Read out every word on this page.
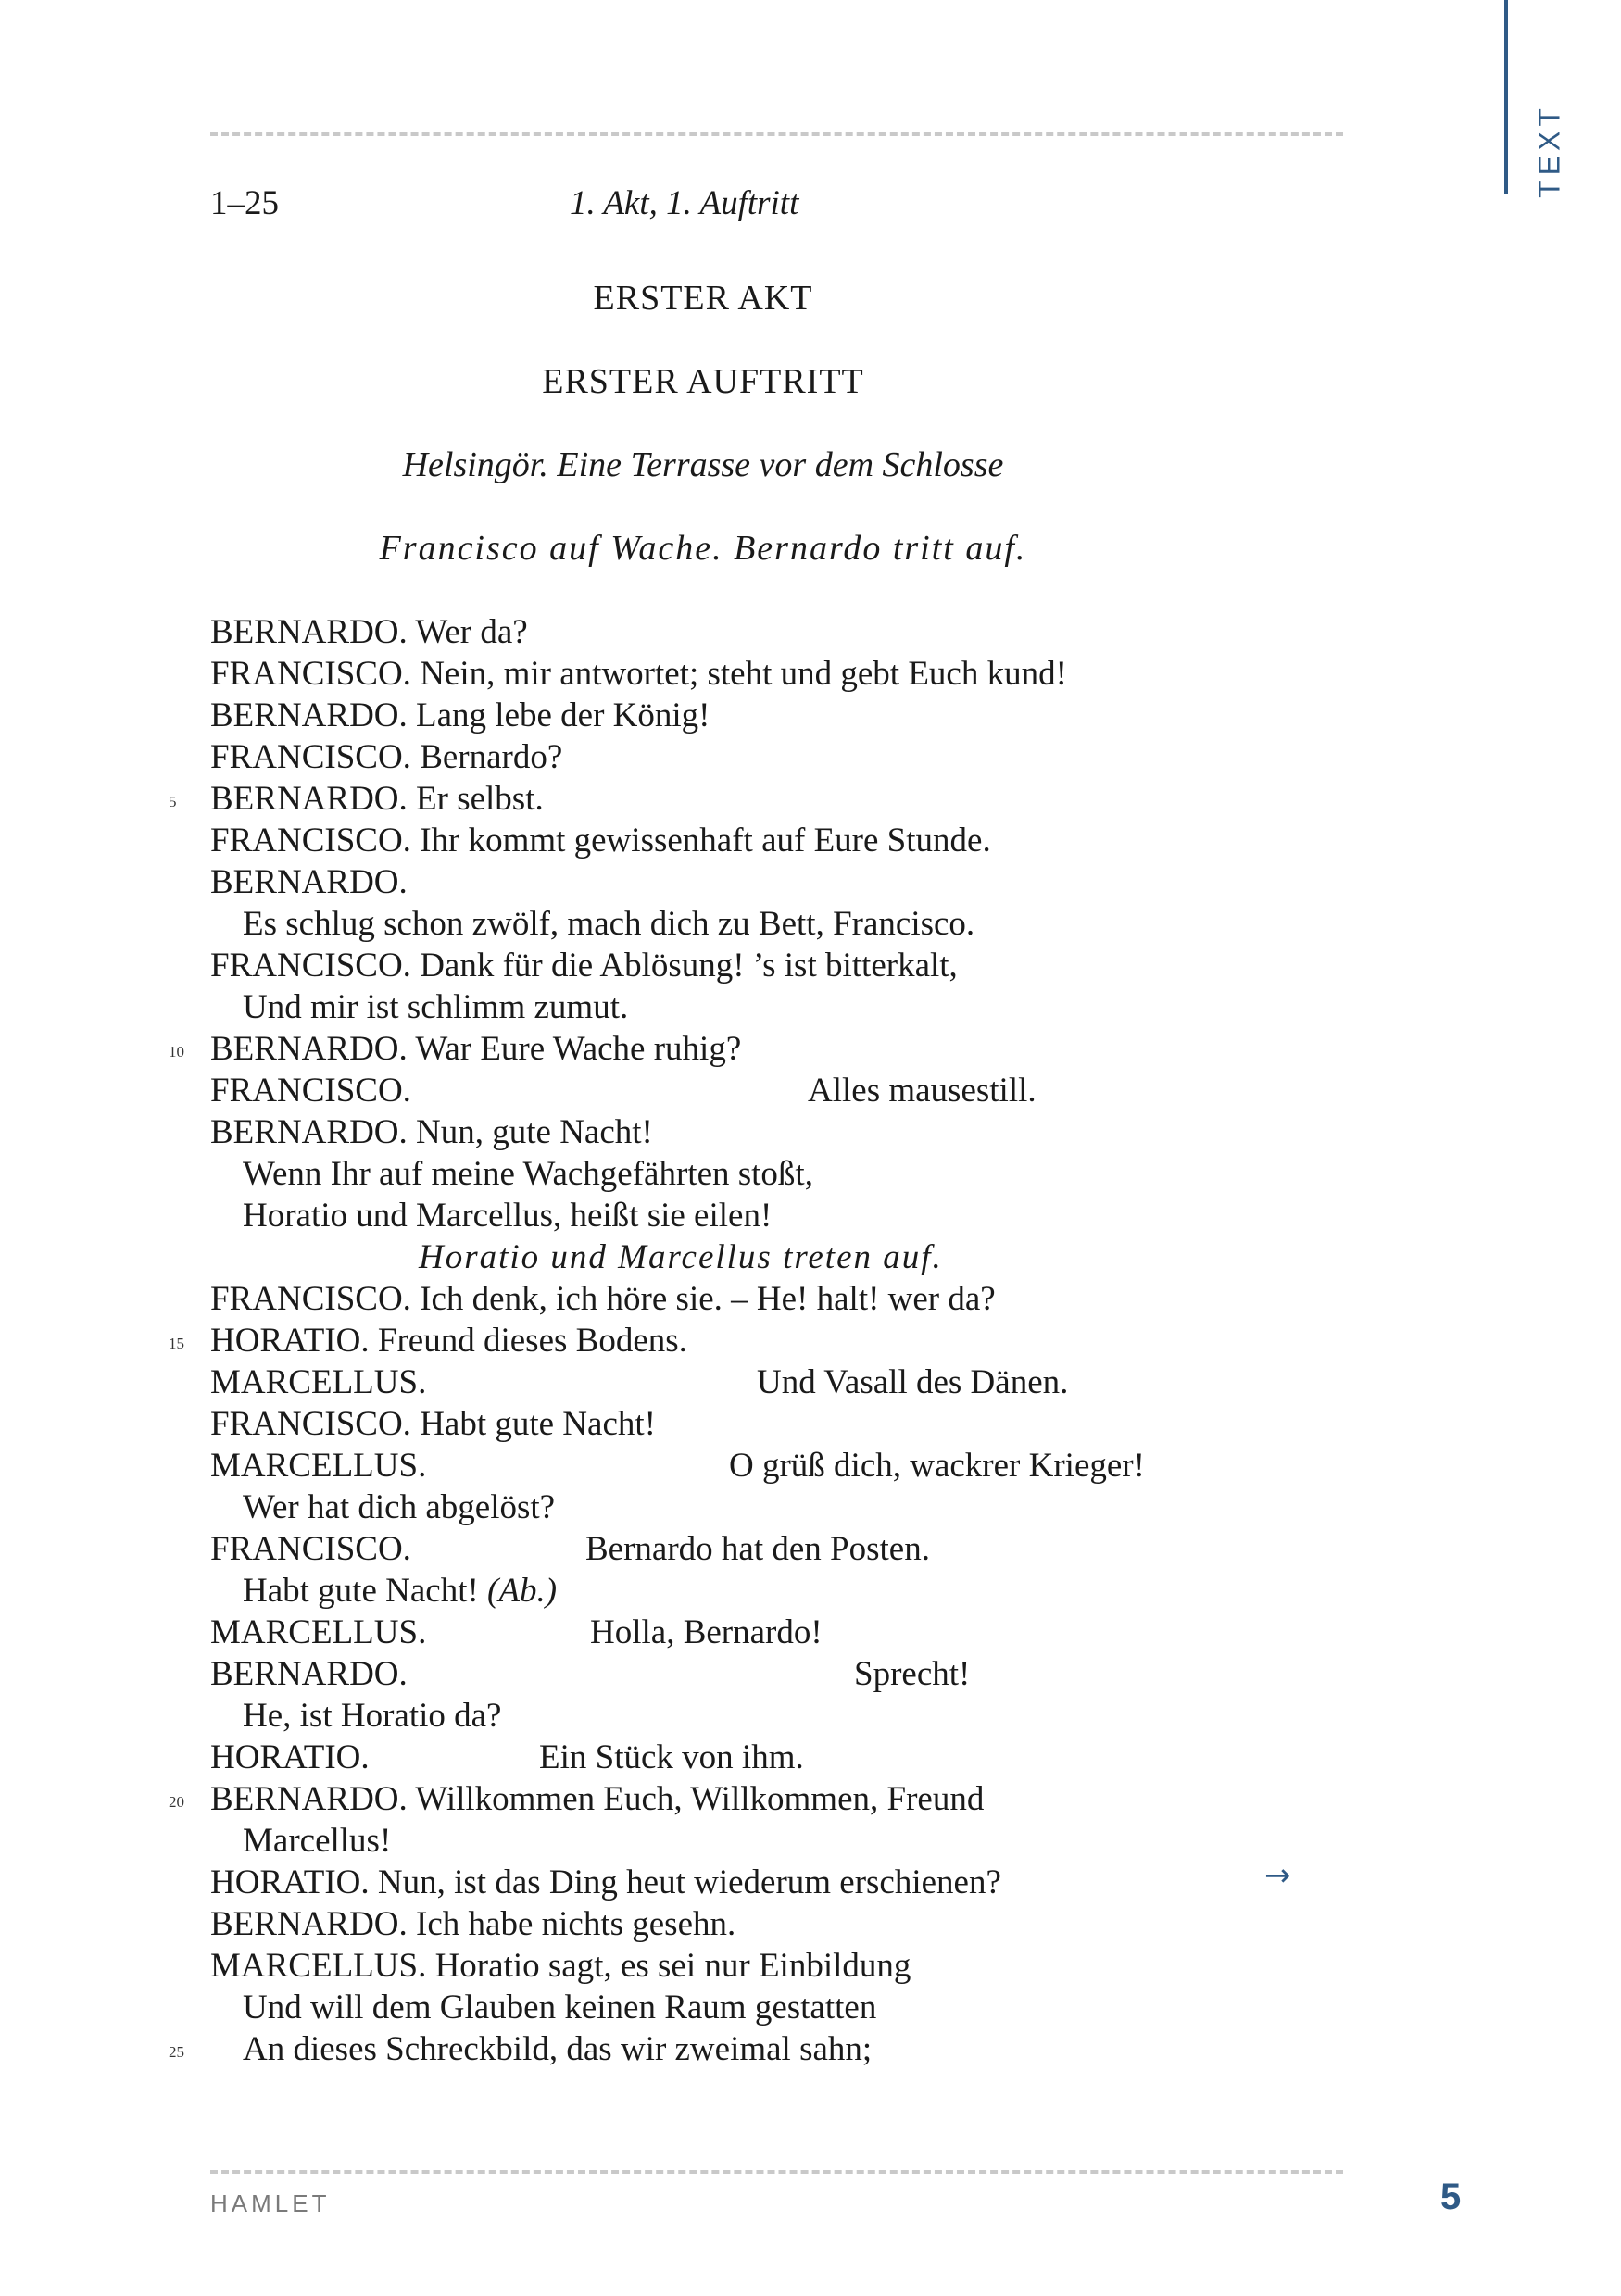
TEXT
1–25	1. Akt, 1. Auftritt
ERSTER AKT
ERSTER AUFTRITT
Helsingör. Eine Terrasse vor dem Schlosse
Francisco auf Wache. Bernardo tritt auf.
BERNARDO. Wer da?
FRANCISCO. Nein, mir antwortet; steht und gebt Euch kund!
BERNARDO. Lang lebe der König!
FRANCISCO. Bernardo?
5 BERNARDO. Er selbst.
FRANCISCO. Ihr kommt gewissenhaft auf Eure Stunde.
BERNARDO.
Es schlug schon zwölf, mach dich zu Bett, Francisco.
FRANCISCO. Dank für die Ablösung! ’s ist bitterkalt,
Und mir ist schlimm zumut.
10 BERNARDO. War Eure Wache ruhig?
FRANCISCO.	Alles mausestill.
BERNARDO. Nun, gute Nacht!
Wenn Ihr auf meine Wachgefährten stoßt,
Horatio und Marcellus, heißt sie eilen!
Horatio und Marcellus treten auf.
FRANCISCO. Ich denk, ich höre sie. – He! halt! wer da?
15 HORATIO. Freund dieses Bodens.
MARCELLUS.	Und Vasall des Dänen.
FRANCISCO. Habt gute Nacht!
MARCELLUS.	O grüß dich, wackrer Krieger!
Wer hat dich abgelöst?
FRANCISCO.	Bernardo hat den Posten.
Habt gute Nacht! (Ab.)
MARCELLUS.	Holla, Bernardo!
BERNARDO.	Sprecht!
He, ist Horatio da?
HORATIO.	Ein Stück von ihm.
20 BERNARDO. Willkommen Euch, Willkommen, Freund
Marcellus!
HORATIO. Nun, ist das Ding heut wiederum erschienen?
BERNARDO. Ich habe nichts gesehn.
MARCELLUS. Horatio sagt, es sei nur Einbildung
Und will dem Glauben keinen Raum gestatten
25 An dieses Schreckbild, das wir zweimal sahn;
→
HAMLET	5
